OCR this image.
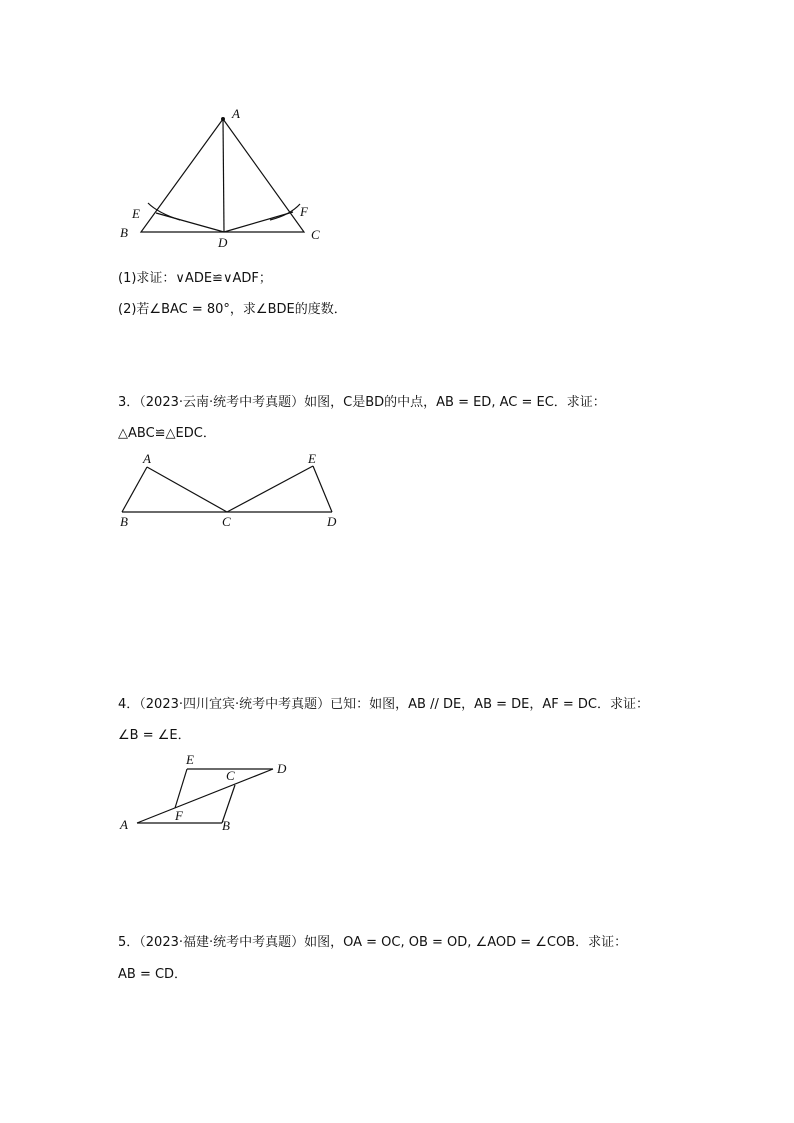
A
B	C
D
E	F
(1)求证：∨ADE≌∨ADF；
(2)若∠BAC = 80°，求∠BDE的度数．
3．（2023·云南·统考中考真题）如图，C是BD的中点，AB = ED, AC = EC．求证：
△ABC≌△EDC．
A
B	C	D
E
4．（2023·四川宜宾·统考中考真题）已知：如图，AB // DE，AB = DE，AF = DC．求证：
∠B = ∠E．
A	B
C	D
E
F
5．（2023·福建·统考中考真题）如图，OA = OC, OB = OD, ∠AOD = ∠COB．求证：
AB = CD．
